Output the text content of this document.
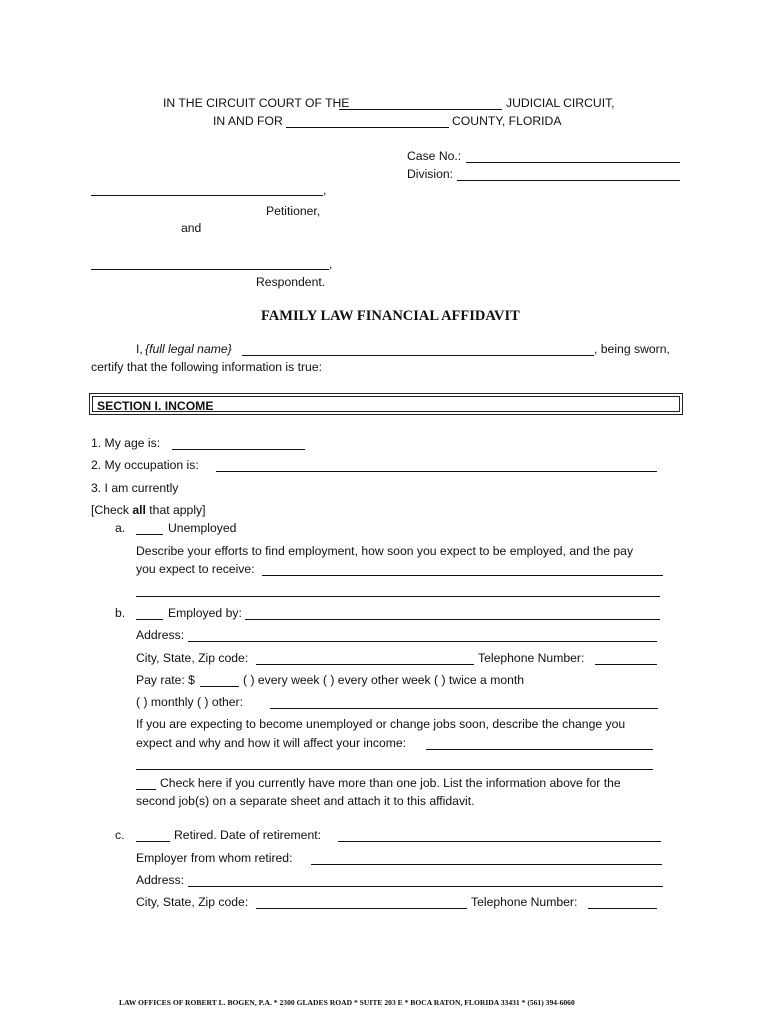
IN THE CIRCUIT COURT OF THE	JUDICIAL CIRCUIT,
IN AND FOR	COUNTY, FLORIDA
Case No.:
Division:
,
Petitioner,
and
,
Respondent.
FAMILY LAW FINANCIAL AFFIDAVIT
I, {full legal name}	, being sworn,
certify that the following information is true:
SECTION I. INCOME
1. My age is:
2. My occupation is:
3. I am currently
[Check all that apply]
a.	Unemployed
Describe your efforts to find employment, how soon you expect to be employed, and the pay
you expect to receive:
b.	Employed by:
Address:
City, State, Zip code:	Telephone Number:
Pay rate: $	( ) every week ( ) every other week ( ) twice a month
( ) monthly ( ) other:
If you are expecting to become unemployed or change jobs soon, describe the change you
expect and why and how it will affect your income:
Check here if you currently have more than one job. List the information above for the
second job(s) on a separate sheet and attach it to this affidavit.
c.	Retired. Date of retirement:
Employer from whom retired:
Address:
City, State, Zip code:	Telephone Number:
LAW OFFICES OF ROBERT L. BOGEN, P.A. * 2300 GLADES ROAD * SUITE 203 E * BOCA RATON, FLORIDA 33431 * (561) 394-6060
